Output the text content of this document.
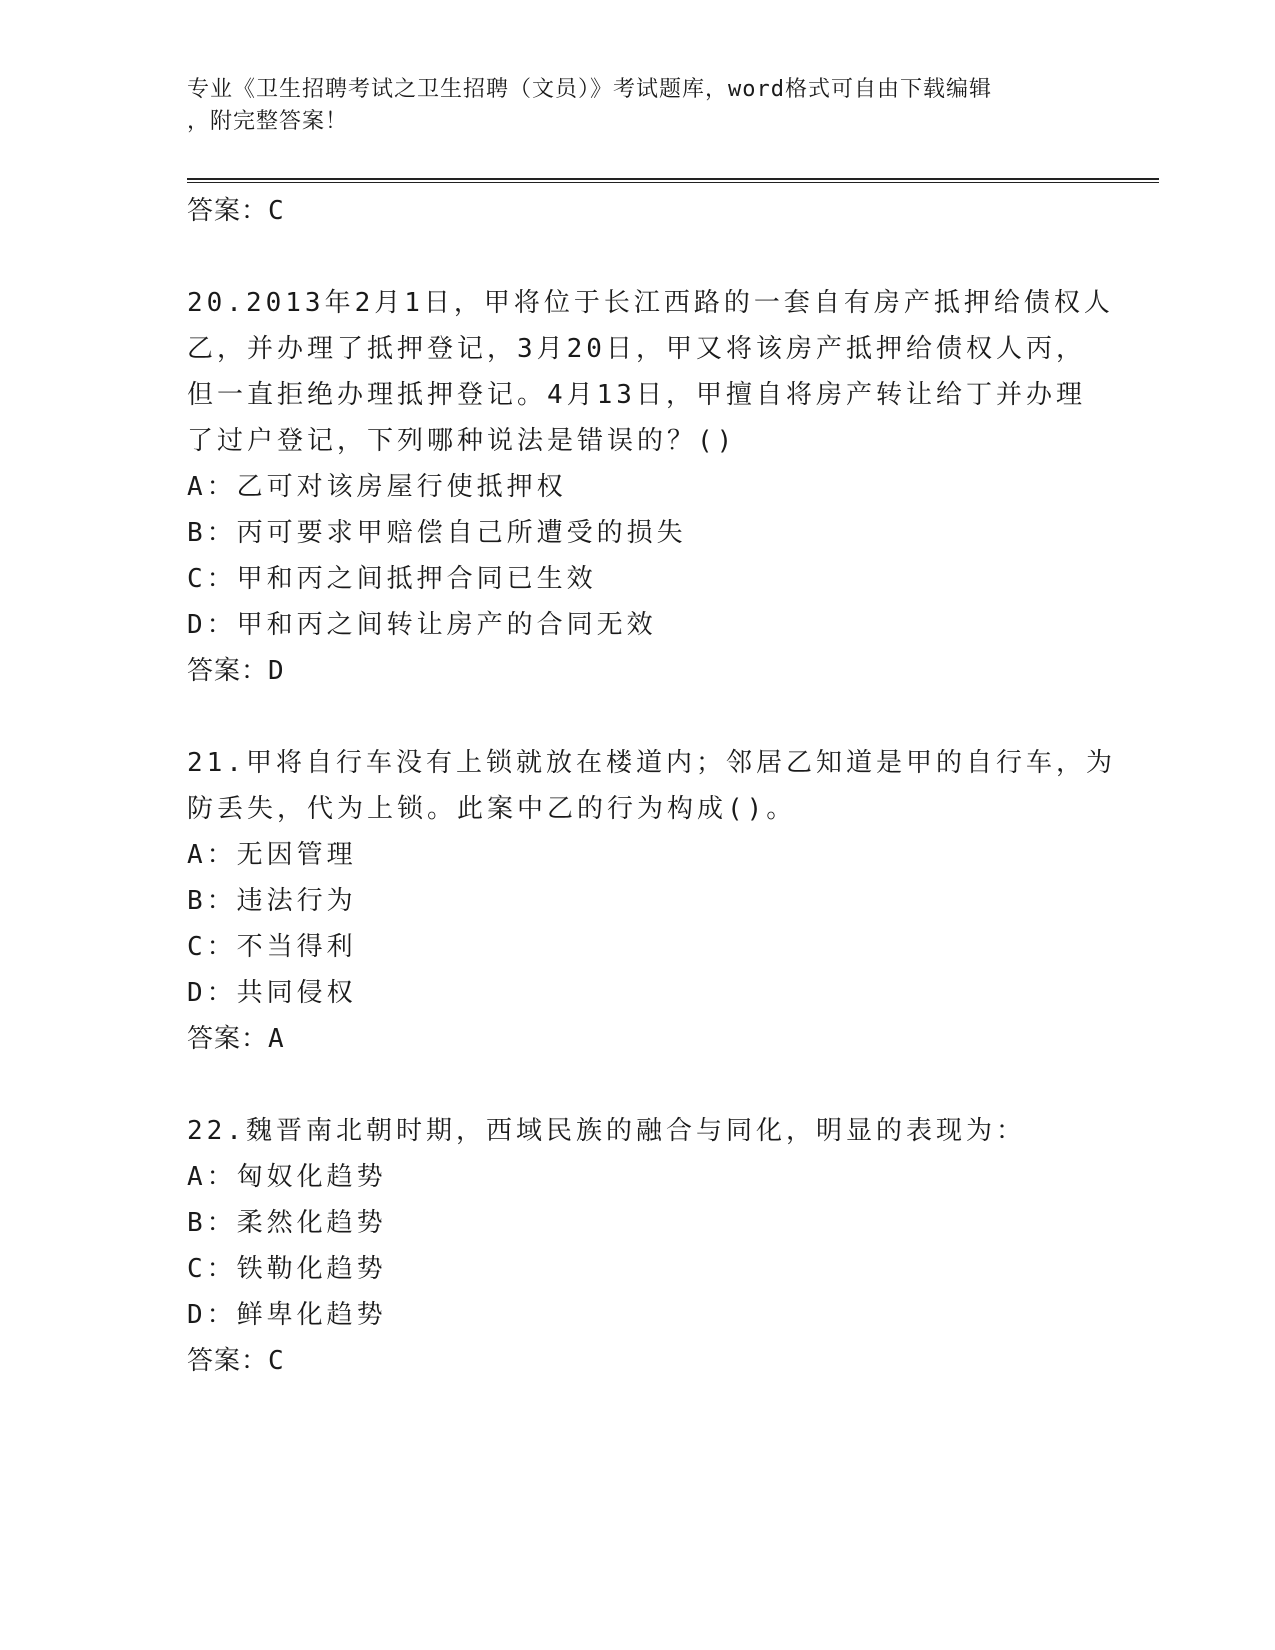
专业《卫生招聘考试之卫生招聘（文员）》考试题库，word格式可自由下载编辑
，附完整答案！
答案：C
20.2013年2月1日，甲将位于长江西路的一套自有房产抵押给债权人
乙，并办理了抵押登记，3月20日，甲又将该房产抵押给债权人丙，
但一直拒绝办理抵押登记。4月13日，甲擅自将房产转让给丁并办理
了过户登记，下列哪种说法是错误的？()
A：乙可对该房屋行使抵押权
B：丙可要求甲赔偿自己所遭受的损失
C：甲和丙之间抵押合同已生效
D：甲和丙之间转让房产的合同无效
答案：D
21.甲将自行车没有上锁就放在楼道内；邻居乙知道是甲的自行车，为
防丢失，代为上锁。此案中乙的行为构成()。
A：无因管理
B：违法行为
C：不当得利
D：共同侵权
答案：A
22.魏晋南北朝时期，西域民族的融合与同化，明显的表现为：
A：匈奴化趋势
B：柔然化趋势
C：铁勒化趋势
D：鲜卑化趋势
答案：C
